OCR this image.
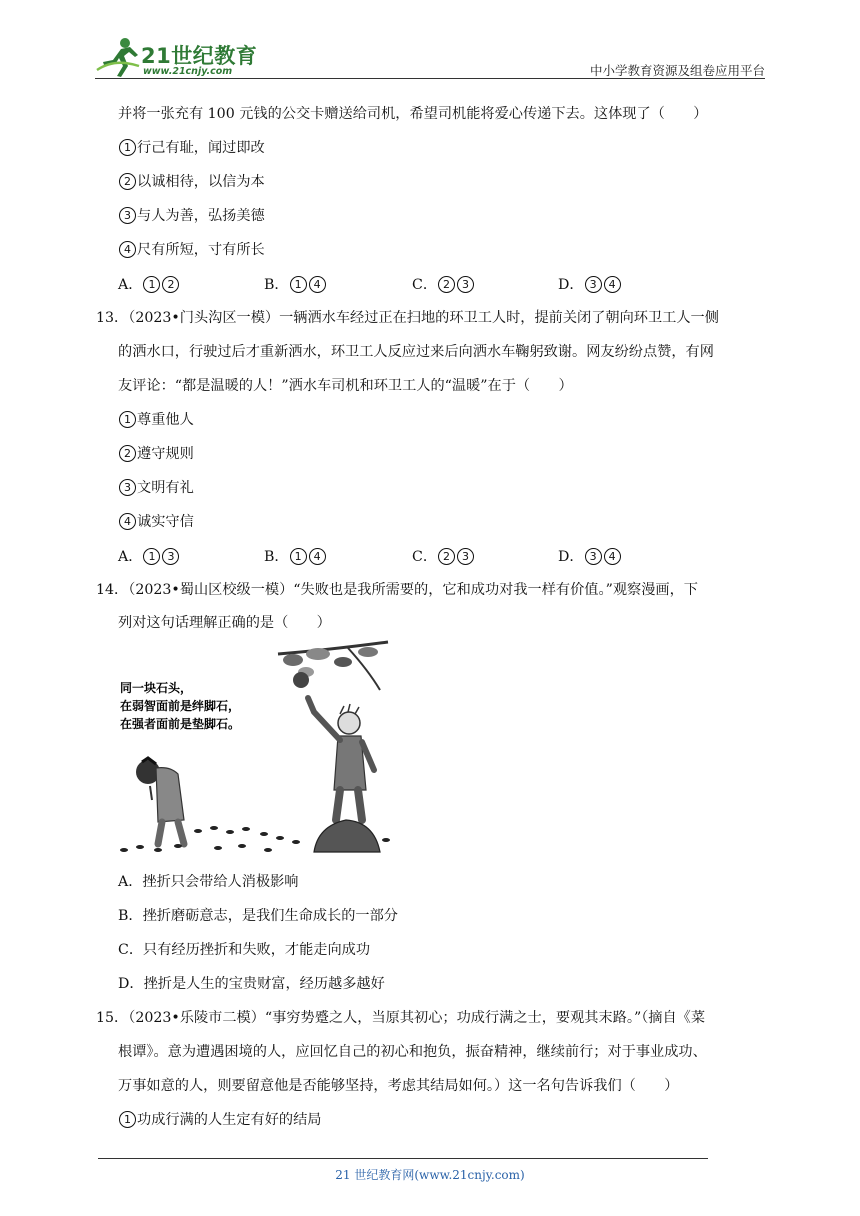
21世纪教育
www.21cnjy.com	中小学教育资源及组卷应用平台
并将一张充有 100 元钱的公交卡赠送给司机，希望司机能将爱心传递下去。这体现了（　　）
1 行己有耻，闻过即改
2 以诚相待，以信为本
3 与人为善，弘扬美德
4 尺有所短，寸有所长
A． 1 2	B． 1 4	C． 2 3	D． 3 4
13．（2023•门头沟区一模）一辆洒水车经过正在扫地的环卫工人时，提前关闭了朝向环卫工人一侧
的洒水口，行驶过后才重新洒水，环卫工人反应过来后向洒水车鞠躬致谢。网友纷纷点赞，有网
友评论：“都是温暖的人！”洒水车司机和环卫工人的“温暖”在于（　　）
1 尊重他人
2 遵守规则
3 文明有礼
4 诚实守信
A． 1 3	B． 1 4	C． 2 3	D． 3 4
14．（2023•蜀山区校级一模）“失败也是我所需要的，它和成功对我一样有价值。”观察漫画，下
列对这句话理解正确的是（　　）
同一块石头，
在弱智面前是绊脚石，
在强者面前是垫脚石。
A．挫折只会带给人消极影响
B．挫折磨砺意志，是我们生命成长的一部分
C．只有经历挫折和失败，才能走向成功
D．挫折是人生的宝贵财富，经历越多越好
15．（2023•乐陵市二模）“事穷势蹙之人，当原其初心；功成行满之士，要观其末路。”（摘自《菜
根谭》。意为遭遇困境的人，应回忆自己的初心和抱负，振奋精神，继续前行；对于事业成功、
万事如意的人，则要留意他是否能够坚持，考虑其结局如何。）这一名句告诉我们（　　）
1 功成行满的人生定有好的结局
21 世纪教育网(www.21cnjy.com)
